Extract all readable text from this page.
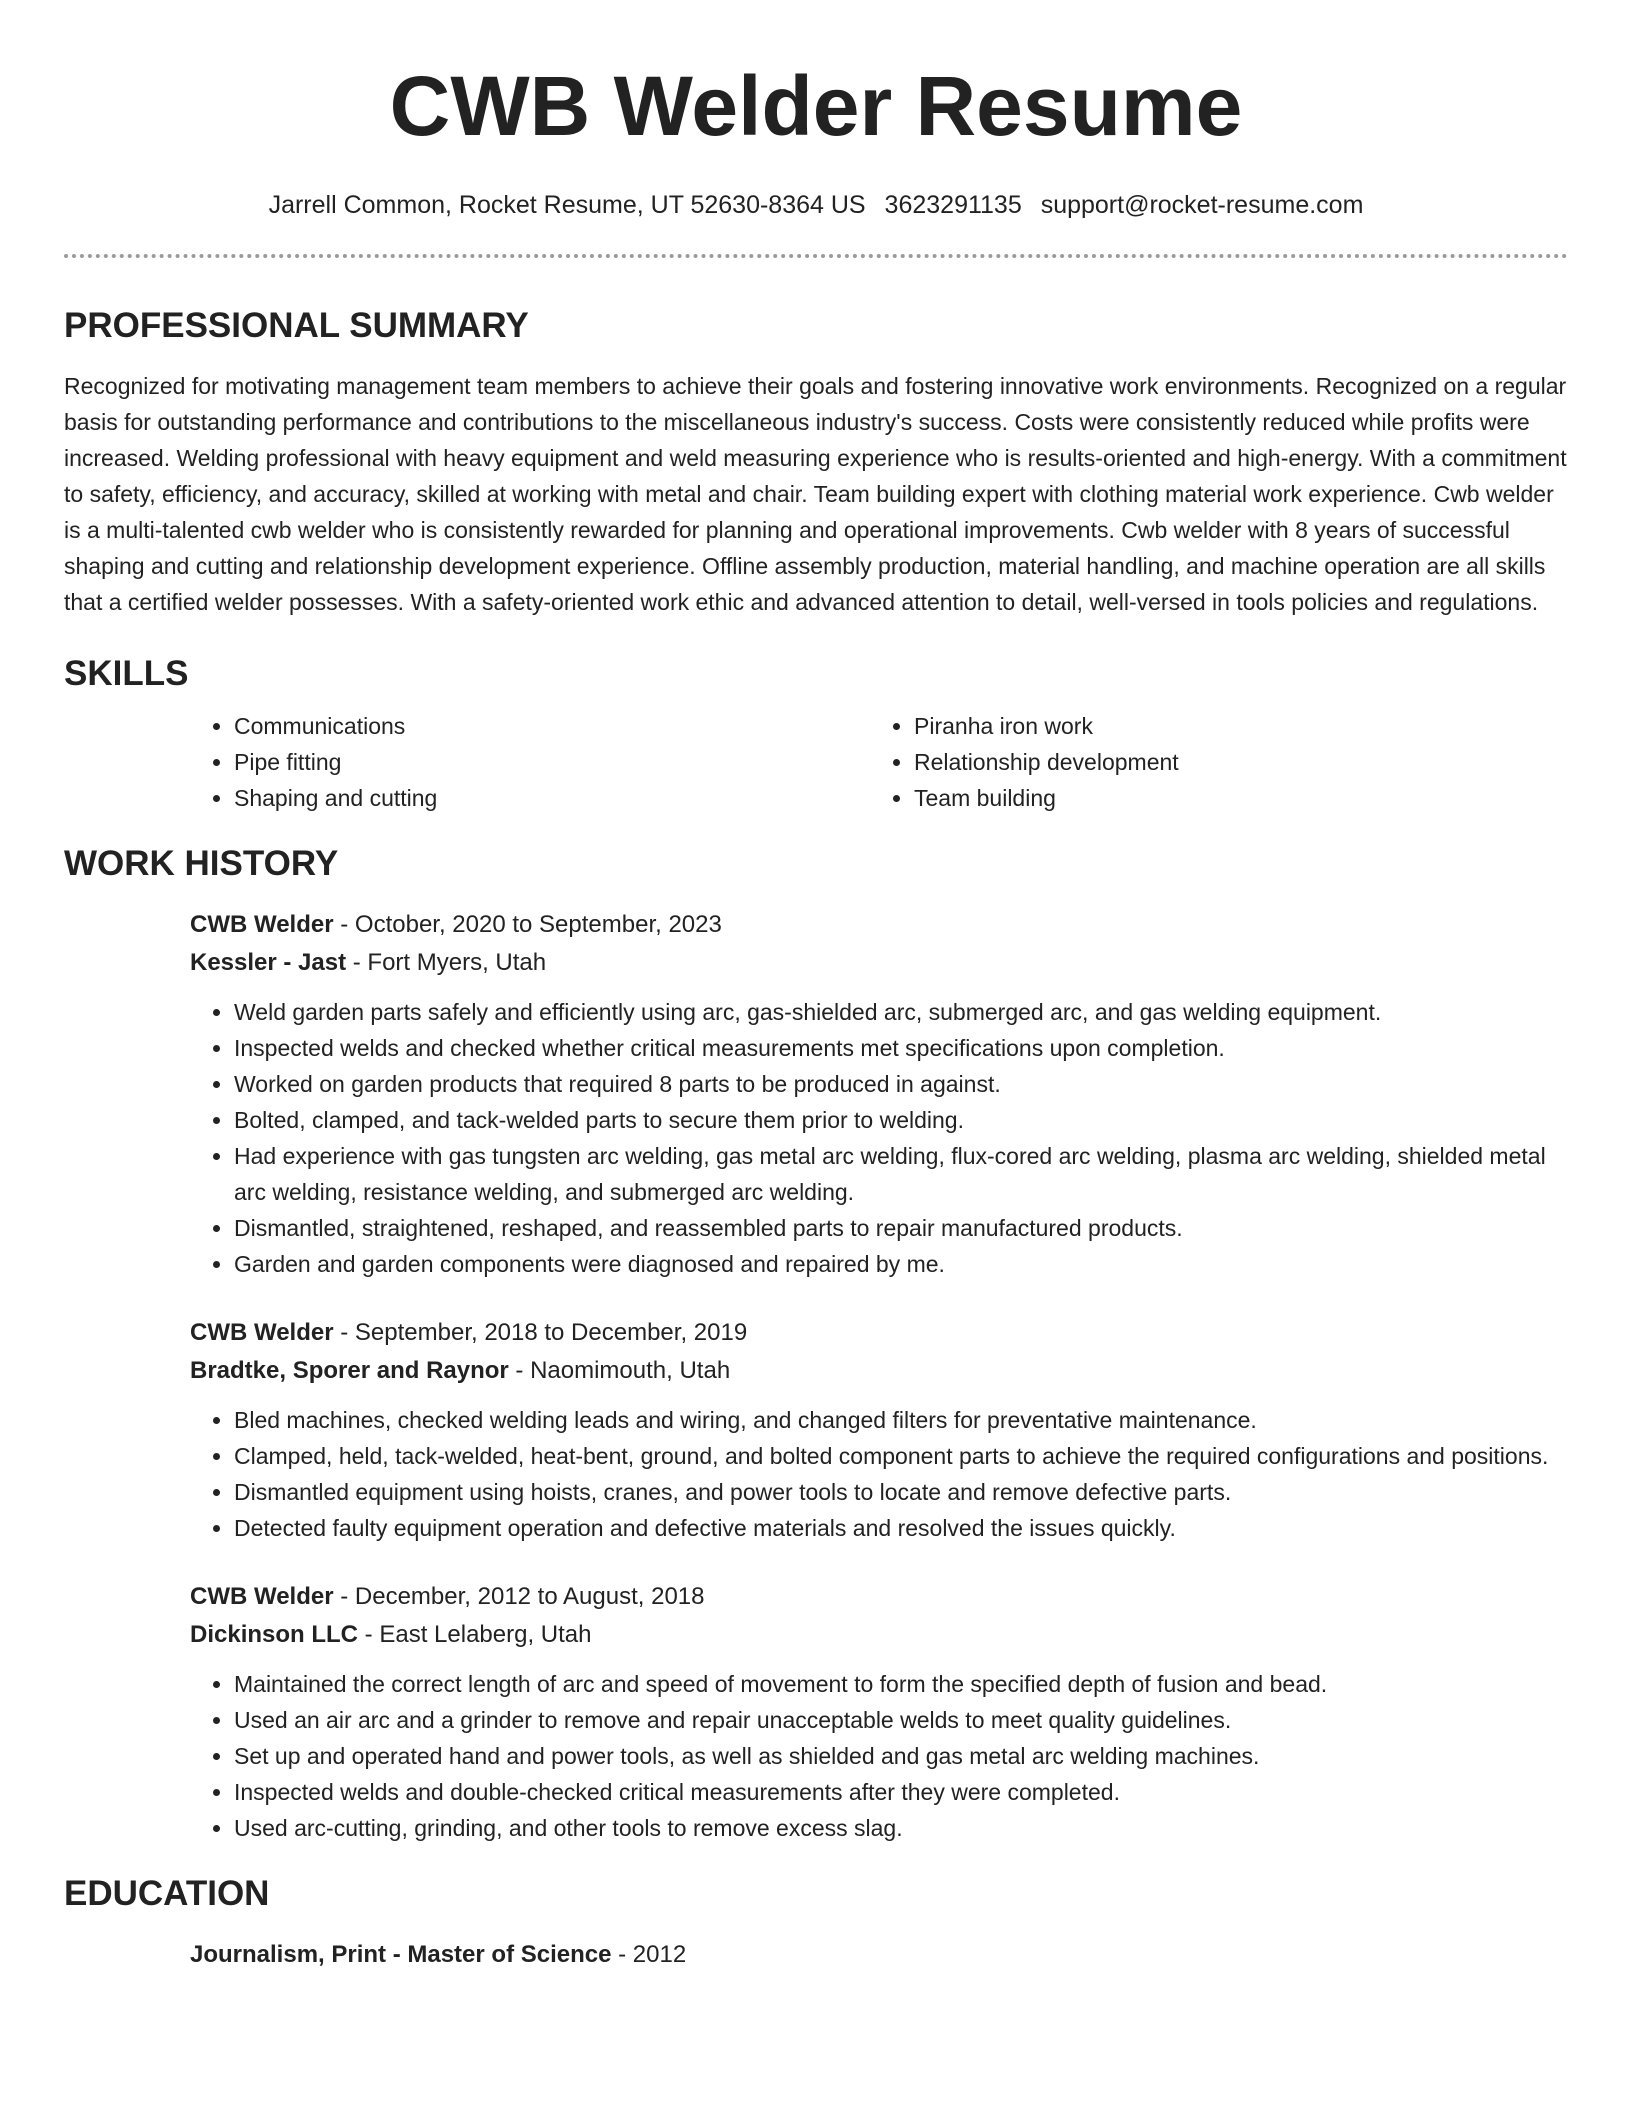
CWB Welder Resume
Jarrell Common, Rocket Resume, UT 52630-8364 US 3623291135 support@rocket-resume.com
PROFESSIONAL SUMMARY

Recognized for motivating management team members to achieve their goals and fostering innovative work environments. Recognized on a regular basis for outstanding performance and contributions to the miscellaneous industry's success. Costs were consistently reduced while profits were increased. Welding professional with heavy equipment and weld measuring experience who is results-oriented and high-energy. With a commitment to safety, efficiency, and accuracy, skilled at working with metal and chair. Team building expert with clothing material work experience. Cwb welder is a multi-talented cwb welder who is consistently rewarded for planning and operational improvements. Cwb welder with 8 years of successful shaping and cutting and relationship development experience. Offline assembly production, material handling, and machine operation are all skills that a certified welder possesses. With a safety-oriented work ethic and advanced attention to detail, well-versed in tools policies and regulations.

SKILLS
• Communications
• Pipe fitting
• Shaping and cutting
• Piranha iron work
• Relationship development
• Team building
WORK HISTORY
CWB Welder - October, 2020 to September, 2023
Kessler - Jast - Fort Myers, Utah
• Weld garden parts safely and efficiently using arc, gas-shielded arc, submerged arc, and gas welding equipment.
• Inspected welds and checked whether critical measurements met specifications upon completion.
• Worked on garden products that required 8 parts to be produced in against.
• Bolted, clamped, and tack-welded parts to secure them prior to welding.
• Had experience with gas tungsten arc welding, gas metal arc welding, flux-cored arc welding, plasma arc welding, shielded metal arc welding, resistance welding, and submerged arc welding.
• Dismantled, straightened, reshaped, and reassembled parts to repair manufactured products.
• Garden and garden components were diagnosed and repaired by me.
CWB Welder - September, 2018 to December, 2019
Bradtke, Sporer and Raynor - Naomimouth, Utah
• Bled machines, checked welding leads and wiring, and changed filters for preventative maintenance.
• Clamped, held, tack-welded, heat-bent, ground, and bolted component parts to achieve the required configurations and positions.
• Dismantled equipment using hoists, cranes, and power tools to locate and remove defective parts.
• Detected faulty equipment operation and defective materials and resolved the issues quickly.
CWB Welder - December, 2012 to August, 2018
Dickinson LLC - East Lelaberg, Utah
• Maintained the correct length of arc and speed of movement to form the specified depth of fusion and bead.
• Used an air arc and a grinder to remove and repair unacceptable welds to meet quality guidelines.
• Set up and operated hand and power tools, as well as shielded and gas metal arc welding machines.
• Inspected welds and double-checked critical measurements after they were completed.
• Used arc-cutting, grinding, and other tools to remove excess slag.
EDUCATION
Journalism, Print - Master of Science - 2012
